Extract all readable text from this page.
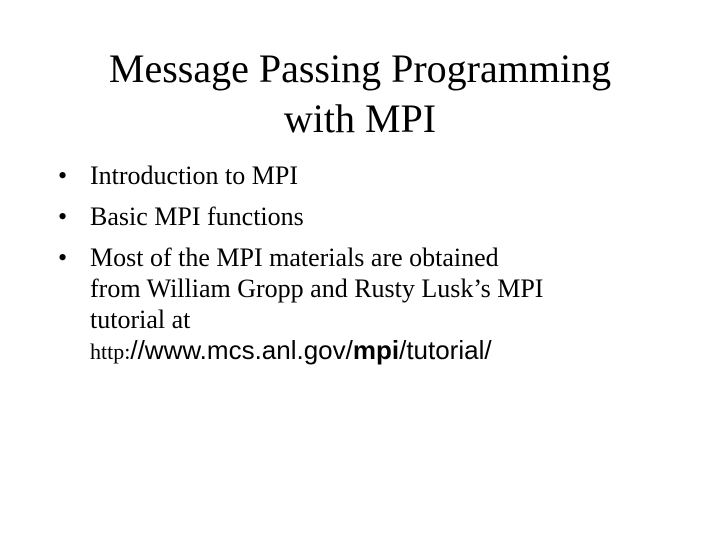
Message Passing Programming
with MPI
• Introduction to MPI
• Basic MPI functions
• Most of the MPI materials are obtained
from William Gropp and Rusty Lusk’s MPI
tutorial at
http://www.mcs.anl.gov/mpi/tutorial/
